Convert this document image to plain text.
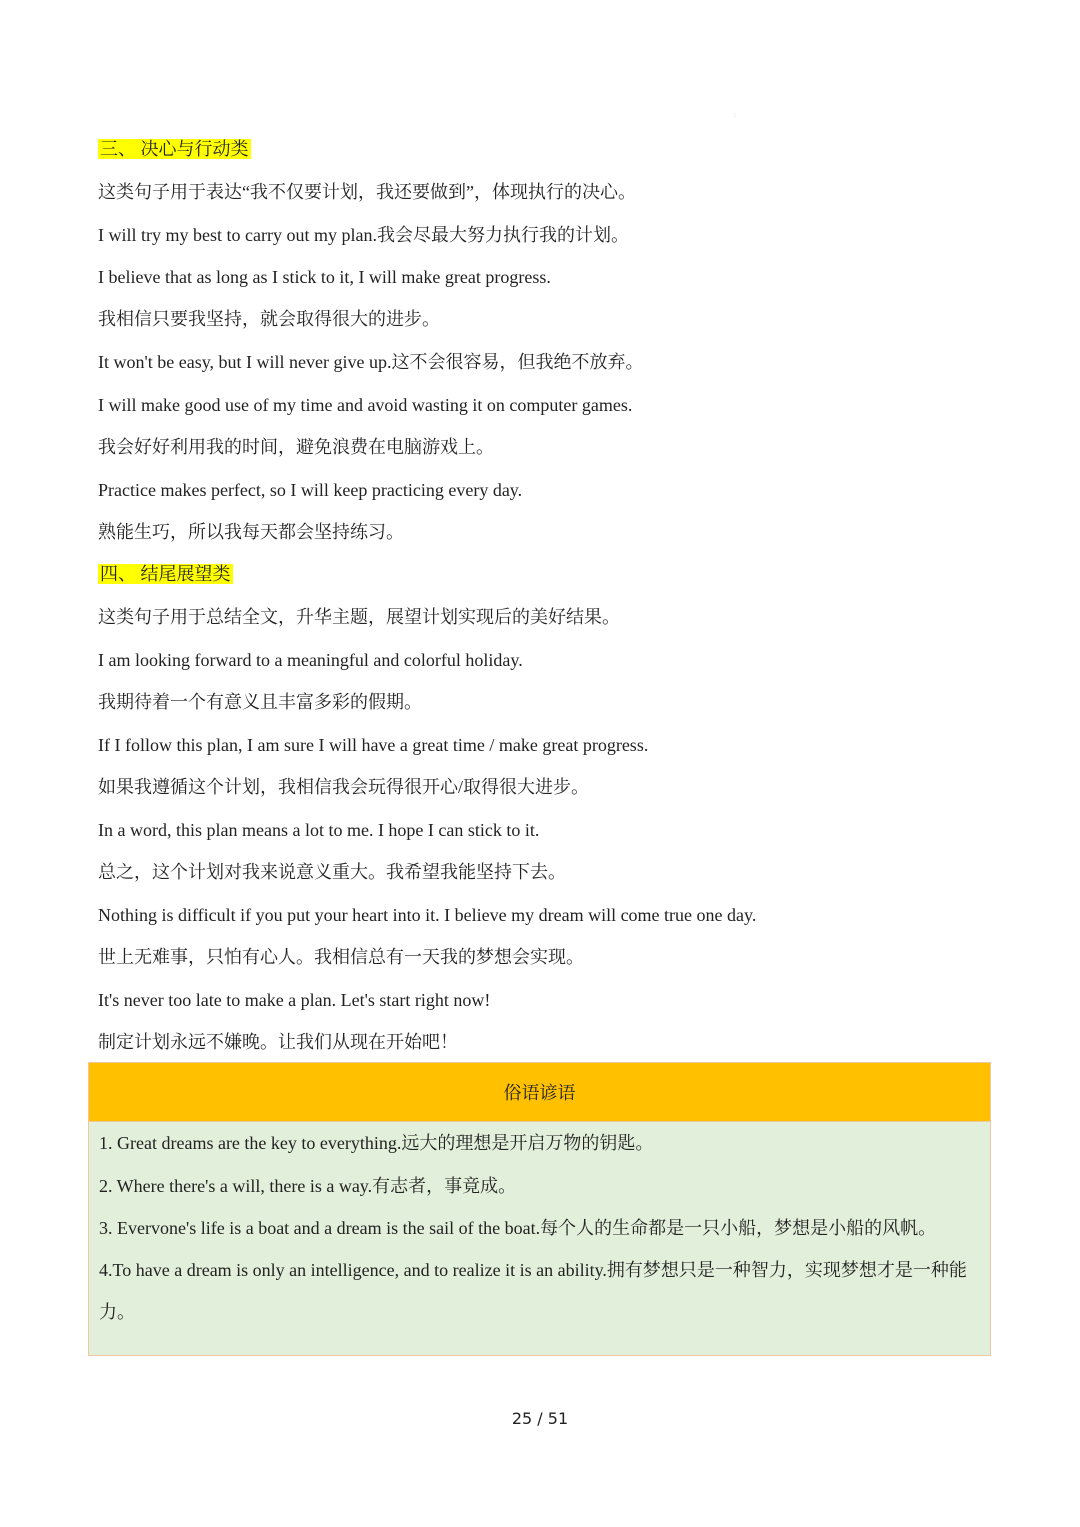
:
三、 决心与行动类
这类句子用于表达“我不仅要计划，我还要做到”，体现执行的决心。
I will try my best to carry out my plan.我会尽最大努力执行我的计划。
I believe that as long as I stick to it, I will make great progress.
我相信只要我坚持，就会取得很大的进步。
It won't be easy, but I will never give up.这不会很容易，但我绝不放弃。
I will make good use of my time and avoid wasting it on computer games.
我会好好利用我的时间，避免浪费在电脑游戏上。
Practice makes perfect, so I will keep practicing every day.
熟能生巧，所以我每天都会坚持练习。
四、 结尾展望类
这类句子用于总结全文，升华主题，展望计划实现后的美好结果。
I am looking forward to a meaningful and colorful holiday.
我期待着一个有意义且丰富多彩的假期。
If I follow this plan, I am sure I will have a great time / make great progress.
如果我遵循这个计划，我相信我会玩得很开心/取得很大进步。
In a word, this plan means a lot to me. I hope I can stick to it.
总之，这个计划对我来说意义重大。我希望我能坚持下去。
Nothing is difficult if you put your heart into it. I believe my dream will come true one day.
世上无难事，只怕有心人。我相信总有一天我的梦想会实现。
It's never too late to make a plan. Let's start right now!
制定计划永远不嫌晚。让我们从现在开始吧！
俗语谚语
1. Great dreams are the key to everything.远大的理想是开启万物的钥匙。
2. Where there's a will, there is a way.有志者，事竟成。
3. Evervone's life is a boat and a dream is the sail of the boat.每个人的生命都是一只小船，梦想是小船的风帆。
4.To have a dream is only an intelligence, and to realize it is an ability.拥有梦想只是一种智力，实现梦想才是一种能力。
25 / 51
